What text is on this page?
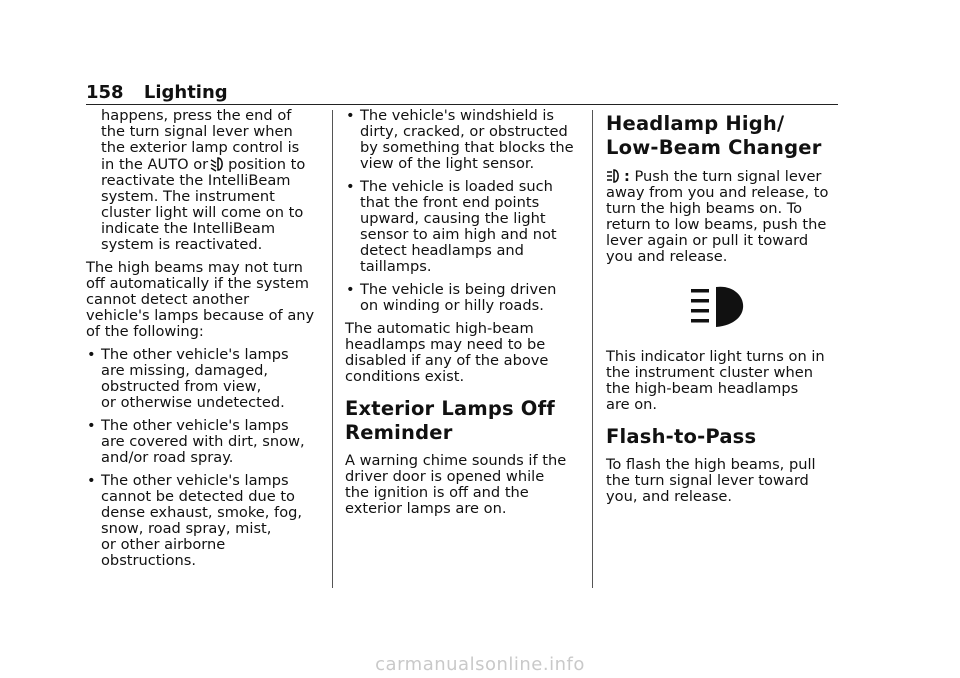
158 Lighting

happens, press the end of
the turn signal lever when
the exterior lamp control is
in the AUTO or position to
reactivate the IntelliBeam
system. The instrument
cluster light will come on to
indicate the IntelliBeam
system is reactivated.

The high beams may not turn
off automatically if the system
cannot detect another
vehicle's lamps because of any
of the following:

• The other vehicle's lamps
are missing, damaged,
obstructed from view,
or otherwise undetected.
• The other vehicle's lamps
are covered with dirt, snow,
and/or road spray.
• The other vehicle's lamps
cannot be detected due to
dense exhaust, smoke, fog,
snow, road spray, mist,
or other airborne
obstructions.
• The vehicle's windshield is
dirty, cracked, or obstructed
by something that blocks the
view of the light sensor.
• The vehicle is loaded such
that the front end points
upward, causing the light
sensor to aim high and not
detect headlamps and
taillamps.
• The vehicle is being driven
on winding or hilly roads.

The automatic high-beam
headlamps may need to be
disabled if any of the above
conditions exist.

Exterior Lamps Off
Reminder

A warning chime sounds if the
driver door is opened while
the ignition is off and the
exterior lamps are on.

Headlamp High/
Low-Beam Changer

: Push the turn signal lever
away from you and release, to
turn the high beams on. To
return to low beams, push the
lever again or pull it toward
you and release.

This indicator light turns on in
the instrument cluster when
the high-beam headlamps
are on.

Flash-to-Pass

To flash the high beams, pull
the turn signal lever toward
you, and release.

carmanualsonline.info
